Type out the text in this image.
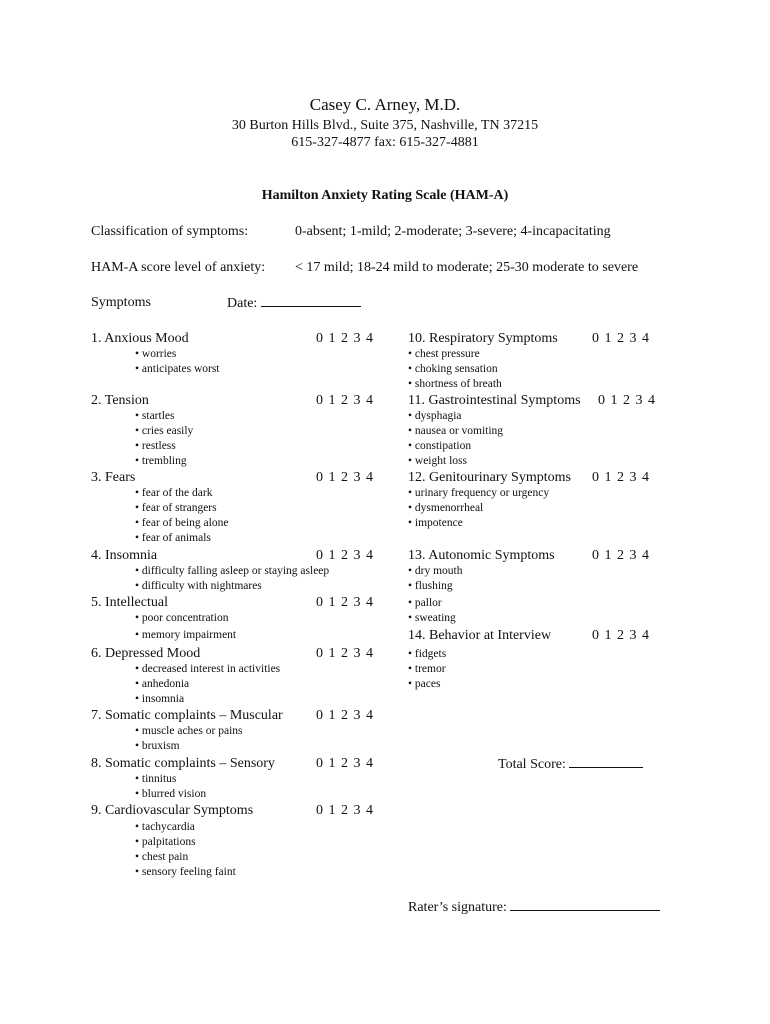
Casey C. Arney, M.D.
30 Burton Hills Blvd., Suite 375, Nashville, TN 37215
615-327-4877 fax: 615-327-4881
Hamilton Anxiety Rating Scale (HAM-A)
Classification of symptoms:	0-absent; 1-mild; 2-moderate; 3-severe; 4-incapacitating
HAM-A score level of anxiety: < 17 mild; 18-24 mild to moderate; 25-30 moderate to severe
Symptoms	Date:
1. Anxious Mood	0 1 2 3 4
• worries
• anticipates worst
2. Tension	0 1 2 3 4
• startles
• cries easily
• restless
• trembling
3. Fears	0 1 2 3 4
• fear of the dark
• fear of strangers
• fear of being alone
• fear of animals
4. Insomnia	0 1 2 3 4
• difficulty falling asleep or staying asleep
• difficulty with nightmares
5. Intellectual	0 1 2 3 4
• poor concentration
• memory impairment
6. Depressed Mood	0 1 2 3 4
• decreased interest in activities
• anhedonia
• insomnia
7. Somatic complaints – Muscular 0 1 2 3 4
• muscle aches or pains
• bruxism
8. Somatic complaints – Sensory	0 1 2 3 4
• tinnitus
• blurred vision
9. Cardiovascular Symptoms	0 1 2 3 4
• tachycardia
• palpitations
• chest pain
• sensory feeling faint
10. Respiratory Symptoms 0 1 2 3 4
• chest pressure
• choking sensation
• shortness of breath
11. Gastrointestinal Symptoms 0 1 2 3 4
• dysphagia
• nausea or vomiting
• constipation
• weight loss
12. Genitourinary Symptoms 0 1 2 3 4
• urinary frequency or urgency
• dysmenorrheal
• impotence
13. Autonomic Symptoms	0 1 2 3 4
• dry mouth
• flushing
• pallor
• sweating
14. Behavior at Interview	0 1 2 3 4
• fidgets
• tremor
• paces
Total Score:
Rater’s signature:
